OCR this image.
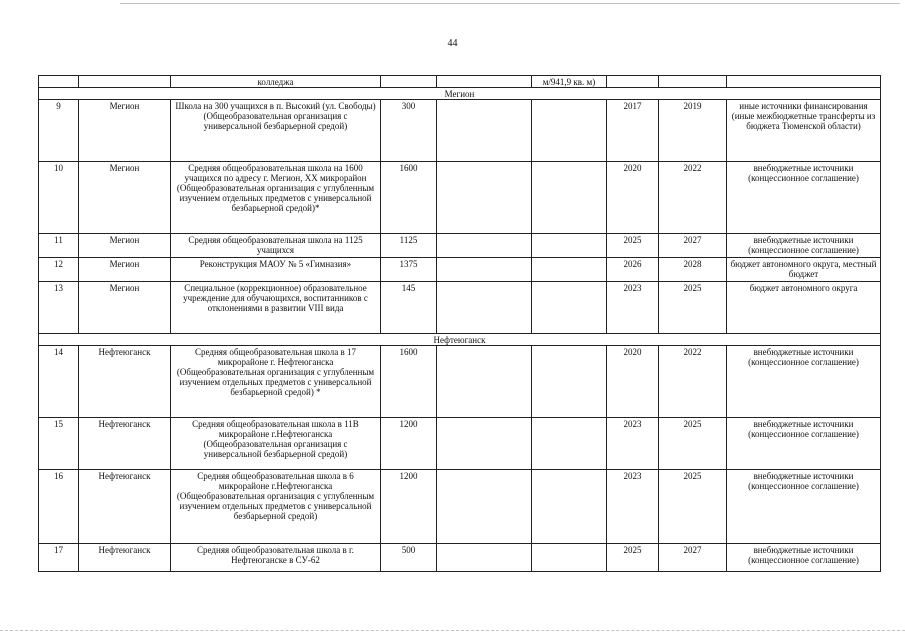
44
		колледжа			м/941,9 кв. м)			
Мегион								
9	Мегион	Школа на 300 учащихся в п. Высокий (ул. Свободы) (Общеобразовательная организация с универсальной безбарьерной средой)	300			2017	2019	иные источники финансирования (иные межбюджетные трансферты из бюджета Тюменской области)
10	Мегион	Средняя общеобразовательная школа на 1600 учащихся по адресу г. Мегион, XX микрорайон (Общеобразовательная организация с углубленным изучением отдельных предметов с универсальной безбарьерной средой)*	1600			2020	2022	внебюджетные источники (концессионное соглашение)
11	Мегион	Средняя общеобразовательная школа на 1125 учащихся	1125			2025	2027	внебюджетные источники (концессионное соглашение)
12	Мегион	Реконструкция МАОУ № 5 «Гимназия»	1375			2026	2028	бюджет автономного округа, местный бюджет
13	Мегион	Специальное (коррекционное) образовательное учреждение для обучающихся, воспитанников с отклонениями в развитии VIII вида	145			2023	2025	бюджет автономного округа
Нефтеюганск								
14	Нефтеюганск	Средняя общеобразовательная школа в 17 микрорайоне г. Нефтеюганска (Общеобразовательная организация с углубленным изучением отдельных предметов с универсальной безбарьерной средой) *	1600			2020	2022	внебюджетные источники (концессионное соглашение)
15	Нефтеюганск	Средняя общеобразовательная школа в 11В микрорайоне г.Нефтеюганска (Общеобразовательная организация с универсальной безбарьерной средой)	1200			2023	2025	внебюджетные источники (концессионное соглашение)
16	Нефтеюганск	Средняя общеобразовательная школа в 6 микрорайоне г.Нефтеюганска (Общеобразовательная организация с углубленным изучением отдельных предметов с универсальной безбарьерной средой)	1200			2023	2025	внебюджетные источники (концессионное соглашение)
17	Нефтеюганск	Средняя общеобразовательная школа в г. Нефтеюганске в СУ-62	500			2025	2027	внебюджетные источники (концессионное соглашение)
